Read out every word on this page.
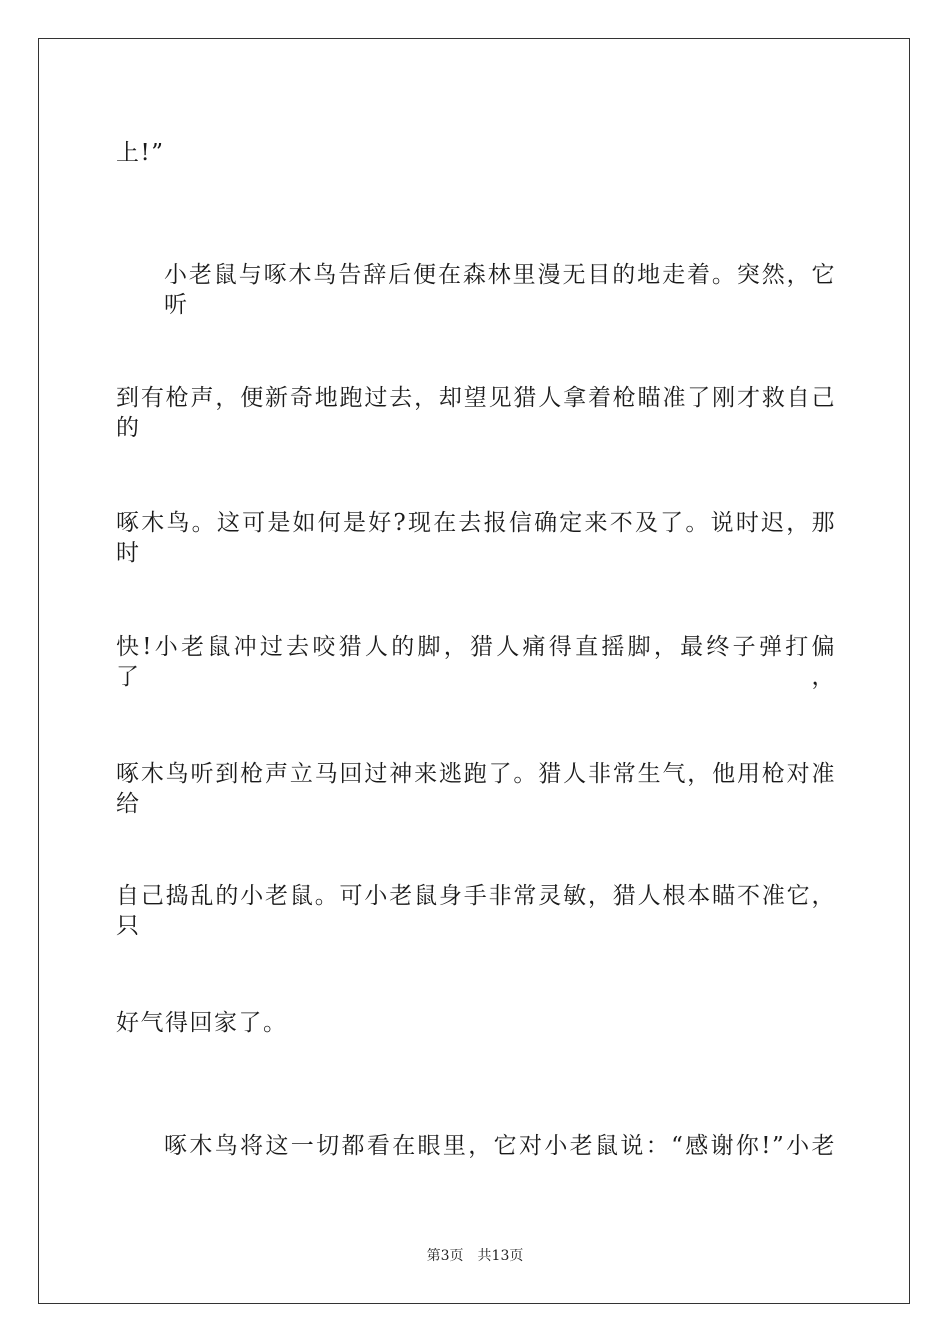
上!”
小老鼠与啄木鸟告辞后便在森林里漫无目的地走着。突然，它听
到有枪声，便新奇地跑过去，却望见猎人拿着枪瞄准了刚才救自己的
啄木鸟。这可是如何是好?现在去报信确定来不及了。说时迟，那时
快!小老鼠冲过去咬猎人的脚，猎人痛得直摇脚，最终子弹打偏了，
啄木鸟听到枪声立马回过神来逃跑了。猎人非常生气，他用枪对准给
自己捣乱的小老鼠。可小老鼠身手非常灵敏，猎人根本瞄不准它，只
好气得回家了。
啄木鸟将这一切都看在眼里，它对小老鼠说：“感谢你!”小老
第3页 共13页
